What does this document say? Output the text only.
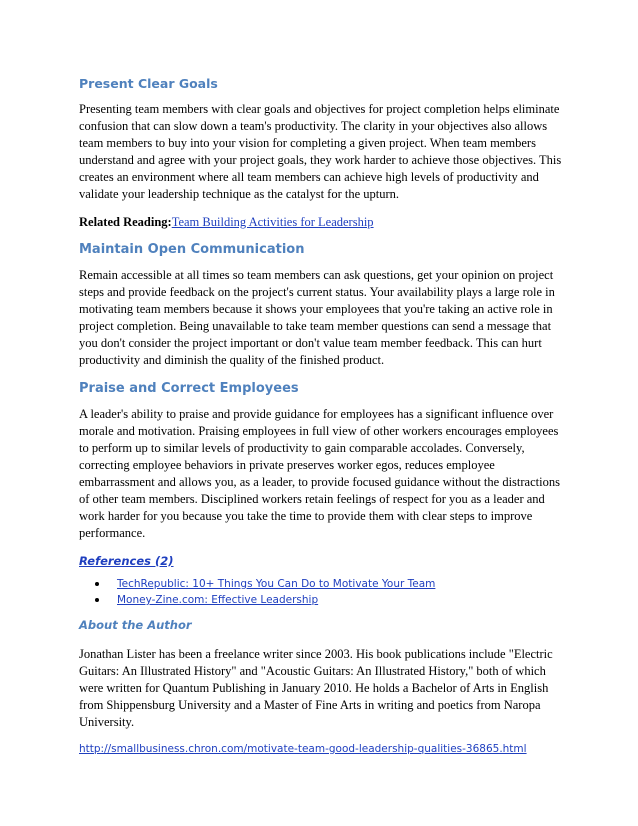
Present Clear Goals

Presenting team members with clear goals and objectives for project completion helps eliminate confusion that can slow down a team's productivity. The clarity in your objectives also allows team members to buy into your vision for completing a given project. When team members understand and agree with your project goals, they work harder to achieve those objectives. This creates an environment where all team members can achieve high levels of productivity and validate your leadership technique as the catalyst for the upturn.

Related Reading:Team Building Activities for Leadership

Maintain Open Communication

Remain accessible at all times so team members can ask questions, get your opinion on project steps and provide feedback on the project's current status. Your availability plays a large role in motivating team members because it shows your employees that you're taking an active role in project completion. Being unavailable to take team member questions can send a message that you don't consider the project important or don't value team member feedback. This can hurt productivity and diminish the quality of the finished product.

Praise and Correct Employees

A leader's ability to praise and provide guidance for employees has a significant influence over morale and motivation. Praising employees in full view of other workers encourages employees to perform up to similar levels of productivity to gain comparable accolades. Conversely, correcting employee behaviors in private preserves worker egos, reduces employee embarrassment and allows you, as a leader, to provide focused guidance without the distractions of other team members. Disciplined workers retain feelings of respect for you as a leader and work harder for you because you take the time to provide them with clear steps to improve performance.

References (2)
TechRepublic: 10+ Things You Can Do to Motivate Your Team
Money-Zine.com: Effective Leadership
About the Author

Jonathan Lister has been a freelance writer since 2003. His book publications include "Electric Guitars: An Illustrated History" and "Acoustic Guitars: An Illustrated History," both of which were written for Quantum Publishing in January 2010. He holds a Bachelor of Arts in English from Shippensburg University and a Master of Fine Arts in writing and poetics from Naropa University.

http://smallbusiness.chron.com/motivate-team-good-leadership-qualities-36865.html
